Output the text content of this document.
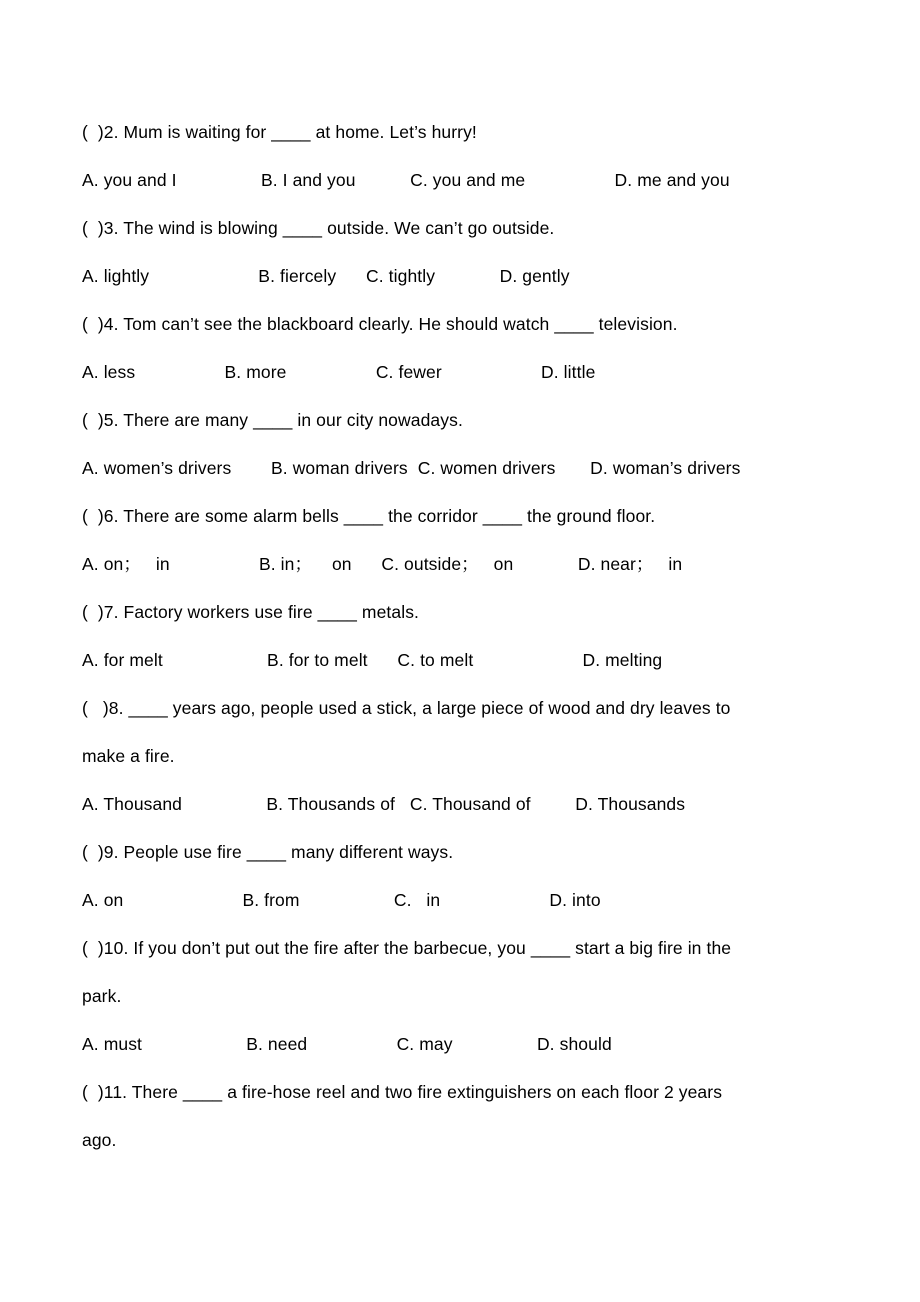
(  )2. Mum is waiting for ____ at home. Let’s hurry!
A. you and I                 B. I and you           C. you and me                  D. me and you
(  )3. The wind is blowing ____ outside. We can’t go outside.
A. lightly                      B. fiercely      C. tightly             D. gently
(  )4. Tom can’t see the blackboard clearly. He should watch ____ television.
A. less                  B. more                  C. fewer                    D. little
(  )5. There are many ____ in our city nowadays.
A. women’s drivers        B. woman drivers  C. women drivers       D. woman’s drivers
(  )6. There are some alarm bells ____ the corridor ____ the ground floor.
A. on；   in                  B. in；    on      C. outside；   on             D. near；   in
(  )7. Factory workers use fire ____ metals.
A. for melt                     B. for to melt      C. to melt                      D. melting
(   )8. ____ years ago, people used a stick, a large piece of wood and dry leaves to
make a fire.
A. Thousand                 B. Thousands of   C. Thousand of         D. Thousands
(  )9. People use fire ____ many different ways.
A. on                        B. from                   C.   in                      D. into
(  )10. If you don’t put out the fire after the barbecue, you ____ start a big fire in the
park.
A. must                     B. need                  C. may                 D. should
(  )11. There ____ a fire-hose reel and two fire extinguishers on each floor 2 years
ago.
